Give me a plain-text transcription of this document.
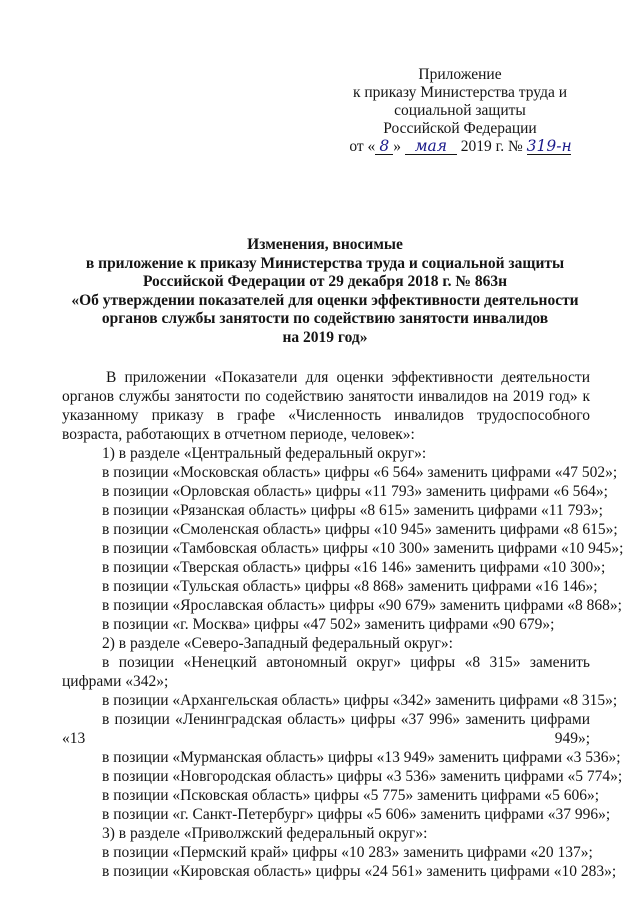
Приложение
к приказу Министерства труда и
социальной защиты
Российской Федерации
от « 8 » мая 2019 г. № 319-н
Изменения, вносимые
в приложение к приказу Министерства труда и социальной защиты
Российской Федерации от 29 декабря 2018 г. № 863н
«Об утверждении показателей для оценки эффективности деятельности
органов службы занятости по содействию занятости инвалидов
на 2019 год»

В приложении «Показатели для оценки эффективности деятельности органов службы занятости по содействию занятости инвалидов на 2019 год» к указанному приказу в графе «Численность инвалидов трудоспособного возраста, работающих в отчетном периоде, человек»:

1) в разделе «Центральный федеральный округ»:
в позиции «Московская область» цифры «6 564» заменить цифрами «47 502»;
в позиции «Орловская область» цифры «11 793» заменить цифрами «6 564»;
в позиции «Рязанская область» цифры «8 615» заменить цифрами «11 793»;
в позиции «Смоленская область» цифры «10 945» заменить цифрами «8 615»;
в позиции «Тамбовская область» цифры «10 300» заменить цифрами «10 945»;
в позиции «Тверская область» цифры «16 146» заменить цифрами «10 300»;
в позиции «Тульская область» цифры «8 868» заменить цифрами «16 146»;
в позиции «Ярославская область» цифры «90 679» заменить цифрами «8 868»;
в позиции «г. Москва» цифры «47 502» заменить цифрами «90 679»;
2) в разделе «Северо-Западный федеральный округ»:
в позиции «Ненецкий автономный округ» цифры «8 315» заменить цифрами «342»;
в позиции «Архангельская область» цифры «342» заменить цифрами «8 315»;
в позиции «Ленинградская область» цифры «37 996» заменить цифрами «13 949»;
в позиции «Мурманская область» цифры «13 949» заменить цифрами «3 536»;
в позиции «Новгородская область» цифры «3 536» заменить цифрами «5 774»;
в позиции «Псковская область» цифры «5 775» заменить цифрами «5 606»;
в позиции «г. Санкт-Петербург» цифры «5 606» заменить цифрами «37 996»;
3) в разделе «Приволжский федеральный округ»:
в позиции «Пермский край» цифры «10 283» заменить цифрами «20 137»;
в позиции «Кировская область» цифры «24 561» заменить цифрами «10 283»;
